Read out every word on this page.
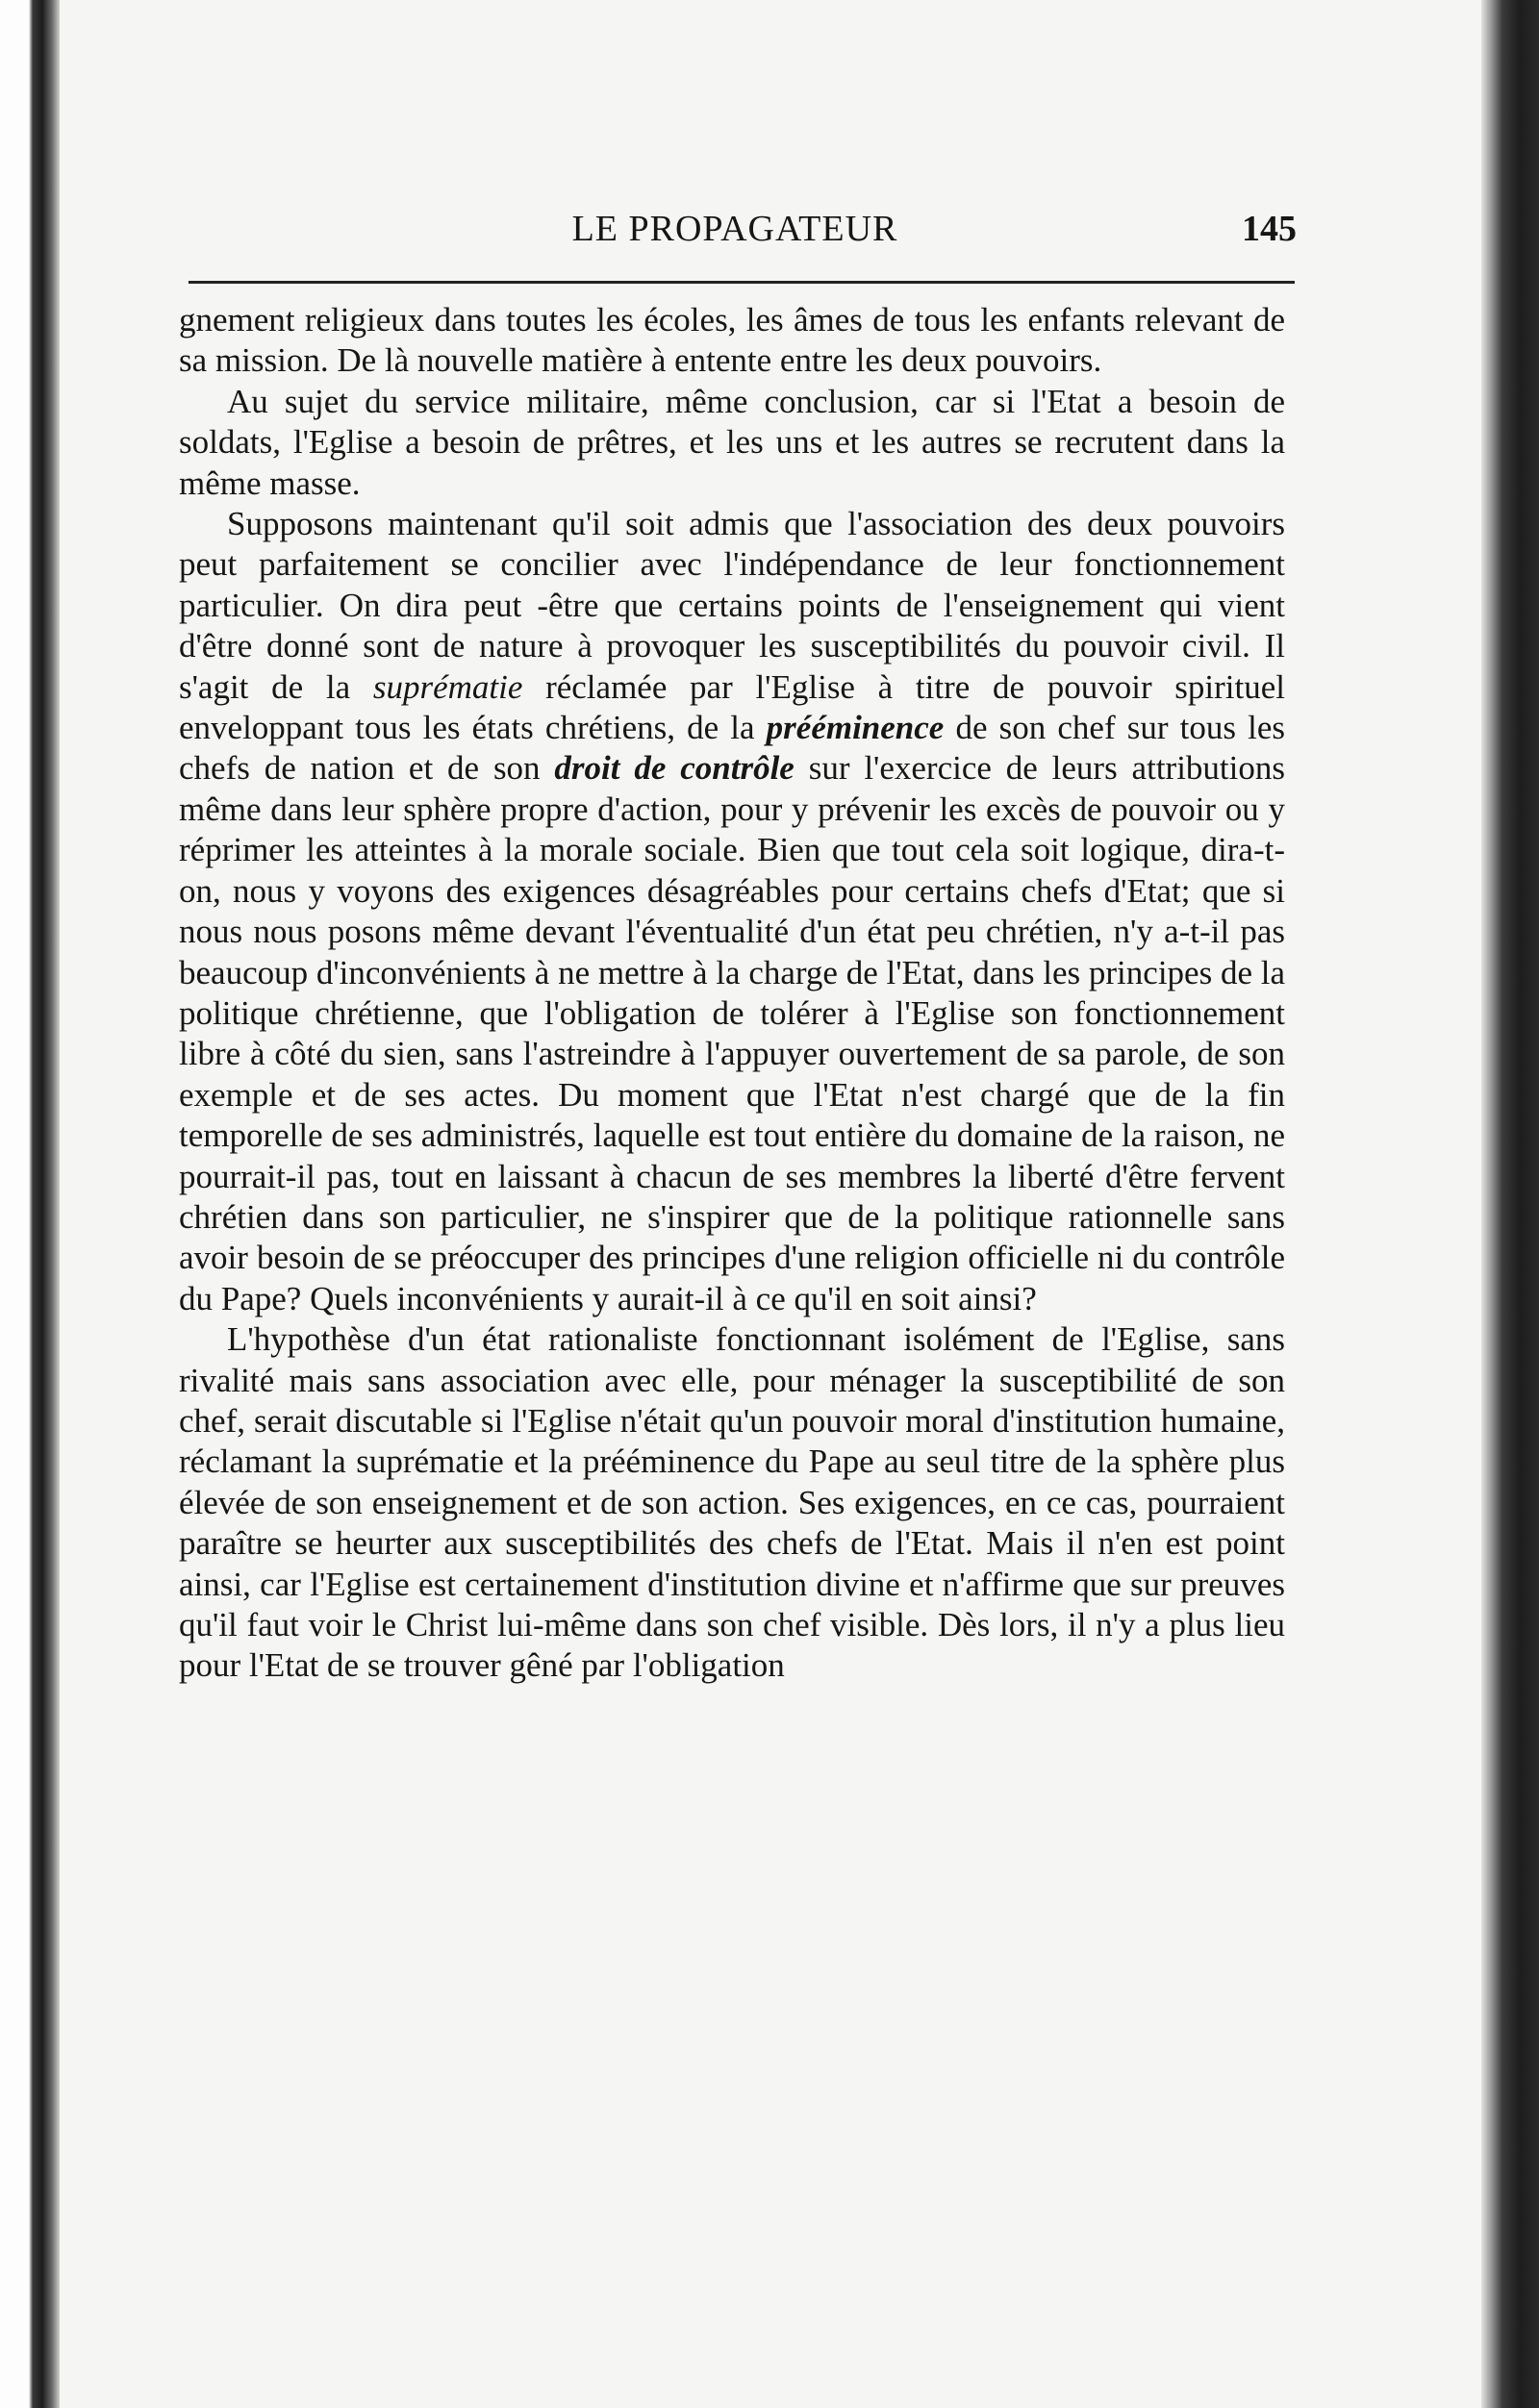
LE PROPAGATEUR	145

gnement religieux dans toutes les écoles, les âmes de tous les enfants relevant de sa mission. De là nouvelle matière à entente entre les deux pouvoirs.

Au sujet du service militaire, même conclusion, car si l'Etat a besoin de soldats, l'Eglise a besoin de prêtres, et les uns et les autres se recrutent dans la même masse.

Supposons maintenant qu'il soit admis que l'association des deux pouvoirs peut parfaitement se concilier avec l'indépendance de leur fonctionnement particulier. On dira peut -être que certains points de l'enseignement qui vient d'être donné sont de nature à provoquer les susceptibilités du pouvoir civil. Il s'agit de la suprématie réclamée par l'Eglise à titre de pouvoir spirituel enveloppant tous les états chrétiens, de la prééminence de son chef sur tous les chefs de nation et de son droit de contrôle sur l'exercice de leurs attributions même dans leur sphère propre d'action, pour y prévenir les excès de pouvoir ou y réprimer les atteintes à la morale sociale. Bien que tout cela soit logique, dira-t- on, nous y voyons des exigences désagréables pour certains chefs d'Etat; que si nous nous posons même devant l'éventualité d'un état peu chrétien, n'y a-t-il pas beaucoup d'inconvénients à ne mettre à la charge de l'Etat, dans les principes de la politique chrétienne, que l'obligation de tolérer à l'Eglise son fonctionnement libre à côté du sien, sans l'astreindre à l'appuyer ouvertement de sa parole, de son exemple et de ses actes. Du moment que l'Etat n'est chargé que de la fin temporelle de ses administrés, laquelle est tout entière du domaine de la raison, ne pourrait-il pas, tout en laissant à chacun de ses membres la liberté d'être fervent chrétien dans son particulier, ne s'inspirer que de la politique rationnelle sans avoir besoin de se préoccuper des principes d'une religion officielle ni du contrôle du Pape? Quels inconvénients y aurait-il à ce qu'il en soit ainsi?

L'hypothèse d'un état rationaliste fonctionnant isolément de l'Eglise, sans rivalité mais sans association avec elle, pour ménager la susceptibilité de son chef, serait discutable si l'Eglise n'était qu'un pouvoir moral d'institution humaine, réclamant la suprématie et la prééminence du Pape au seul titre de la sphère plus élevée de son enseignement et de son action. Ses exigences, en ce cas, pourraient paraître se heurter aux susceptibilités des chefs de l'Etat. Mais il n'en est point ainsi, car l'Eglise est certainement d'institution divine et n'affirme que sur preuves qu'il faut voir le Christ lui-même dans son chef visible. Dès lors, il n'y a plus lieu pour l'Etat de se trouver gêné par l'obligation
